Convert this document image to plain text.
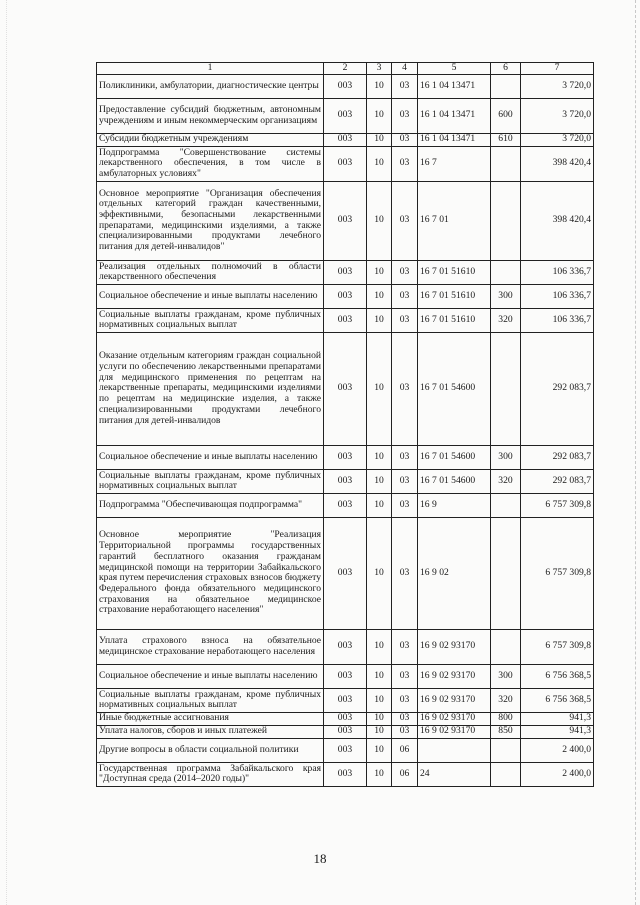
1	2	3	4	5	6	7
Поликлиники, амбулатории, диагностические центры	003	10	03	16 1 04 13471		3 720,0
Предоставление субсидий бюджетным, автономным учреждениям и иным некоммерческим организациям	003	10	03	16 1 04 13471	600	3 720,0
Субсидии бюджетным учреждениям	003	10	03	16 1 04 13471	610	3 720,0
Подпрограмма "Совершенствование системы лекарственного обеспечения, в том числе в амбулаторных условиях"	003	10	03	16 7		398 420,4
Основное мероприятие "Организация обеспечения отдельных категорий граждан качественными, эффективными, безопасными лекарственными препаратами, медицинскими изделиями, а также специализированными продуктами лечебного питания для детей-инвалидов"	003	10	03	16 7 01		398 420,4
Реализация отдельных полномочий в области лекарственного обеспечения	003	10	03	16 7 01 51610		106 336,7
Социальное обеспечение и иные выплаты населению	003	10	03	16 7 01 51610	300	106 336,7
Социальные выплаты гражданам, кроме публичных нормативных социальных выплат	003	10	03	16 7 01 51610	320	106 336,7
Оказание отдельным категориям граждан социальной услуги по обеспечению лекарственными препаратами для медицинского применения по рецептам на лекарственные препараты, медицинскими изделиями по рецептам на медицинские изделия, а также специализированными продуктами лечебного питания для детей-инвалидов	003	10	03	16 7 01 54600		292 083,7
Социальное обеспечение и иные выплаты населению	003	10	03	16 7 01 54600	300	292 083,7
Социальные выплаты гражданам, кроме публичных нормативных социальных выплат	003	10	03	16 7 01 54600	320	292 083,7
Подпрограмма "Обеспечивающая подпрограмма"	003	10	03	16 9		6 757 309,8
Основное мероприятие "Реализация Территориальной программы государственных гарантий бесплатного оказания гражданам медицинской помощи на территории Забайкальского края путем перечисления страховых взносов бюджету Федерального фонда обязательного медицинского страхования на обязательное медицинское страхование неработающего населения"	003	10	03	16 9 02		6 757 309,8
Уплата страхового взноса на обязательное медицинское страхование неработающего населения	003	10	03	16 9 02 93170		6 757 309,8
Социальное обеспечение и иные выплаты населению	003	10	03	16 9 02 93170	300	6 756 368,5
Социальные выплаты гражданам, кроме публичных нормативных социальных выплат	003	10	03	16 9 02 93170	320	6 756 368,5
Иные бюджетные ассигнования	003	10	03	16 9 02 93170	800	941,3
Уплата налогов, сборов и иных платежей	003	10	03	16 9 02 93170	850	941,3
Другие вопросы в области социальной политики	003	10	06			2 400,0
Государственная программа Забайкальского края "Доступная среда (2014–2020 годы)"	003	10	06	24		2 400,0
18
